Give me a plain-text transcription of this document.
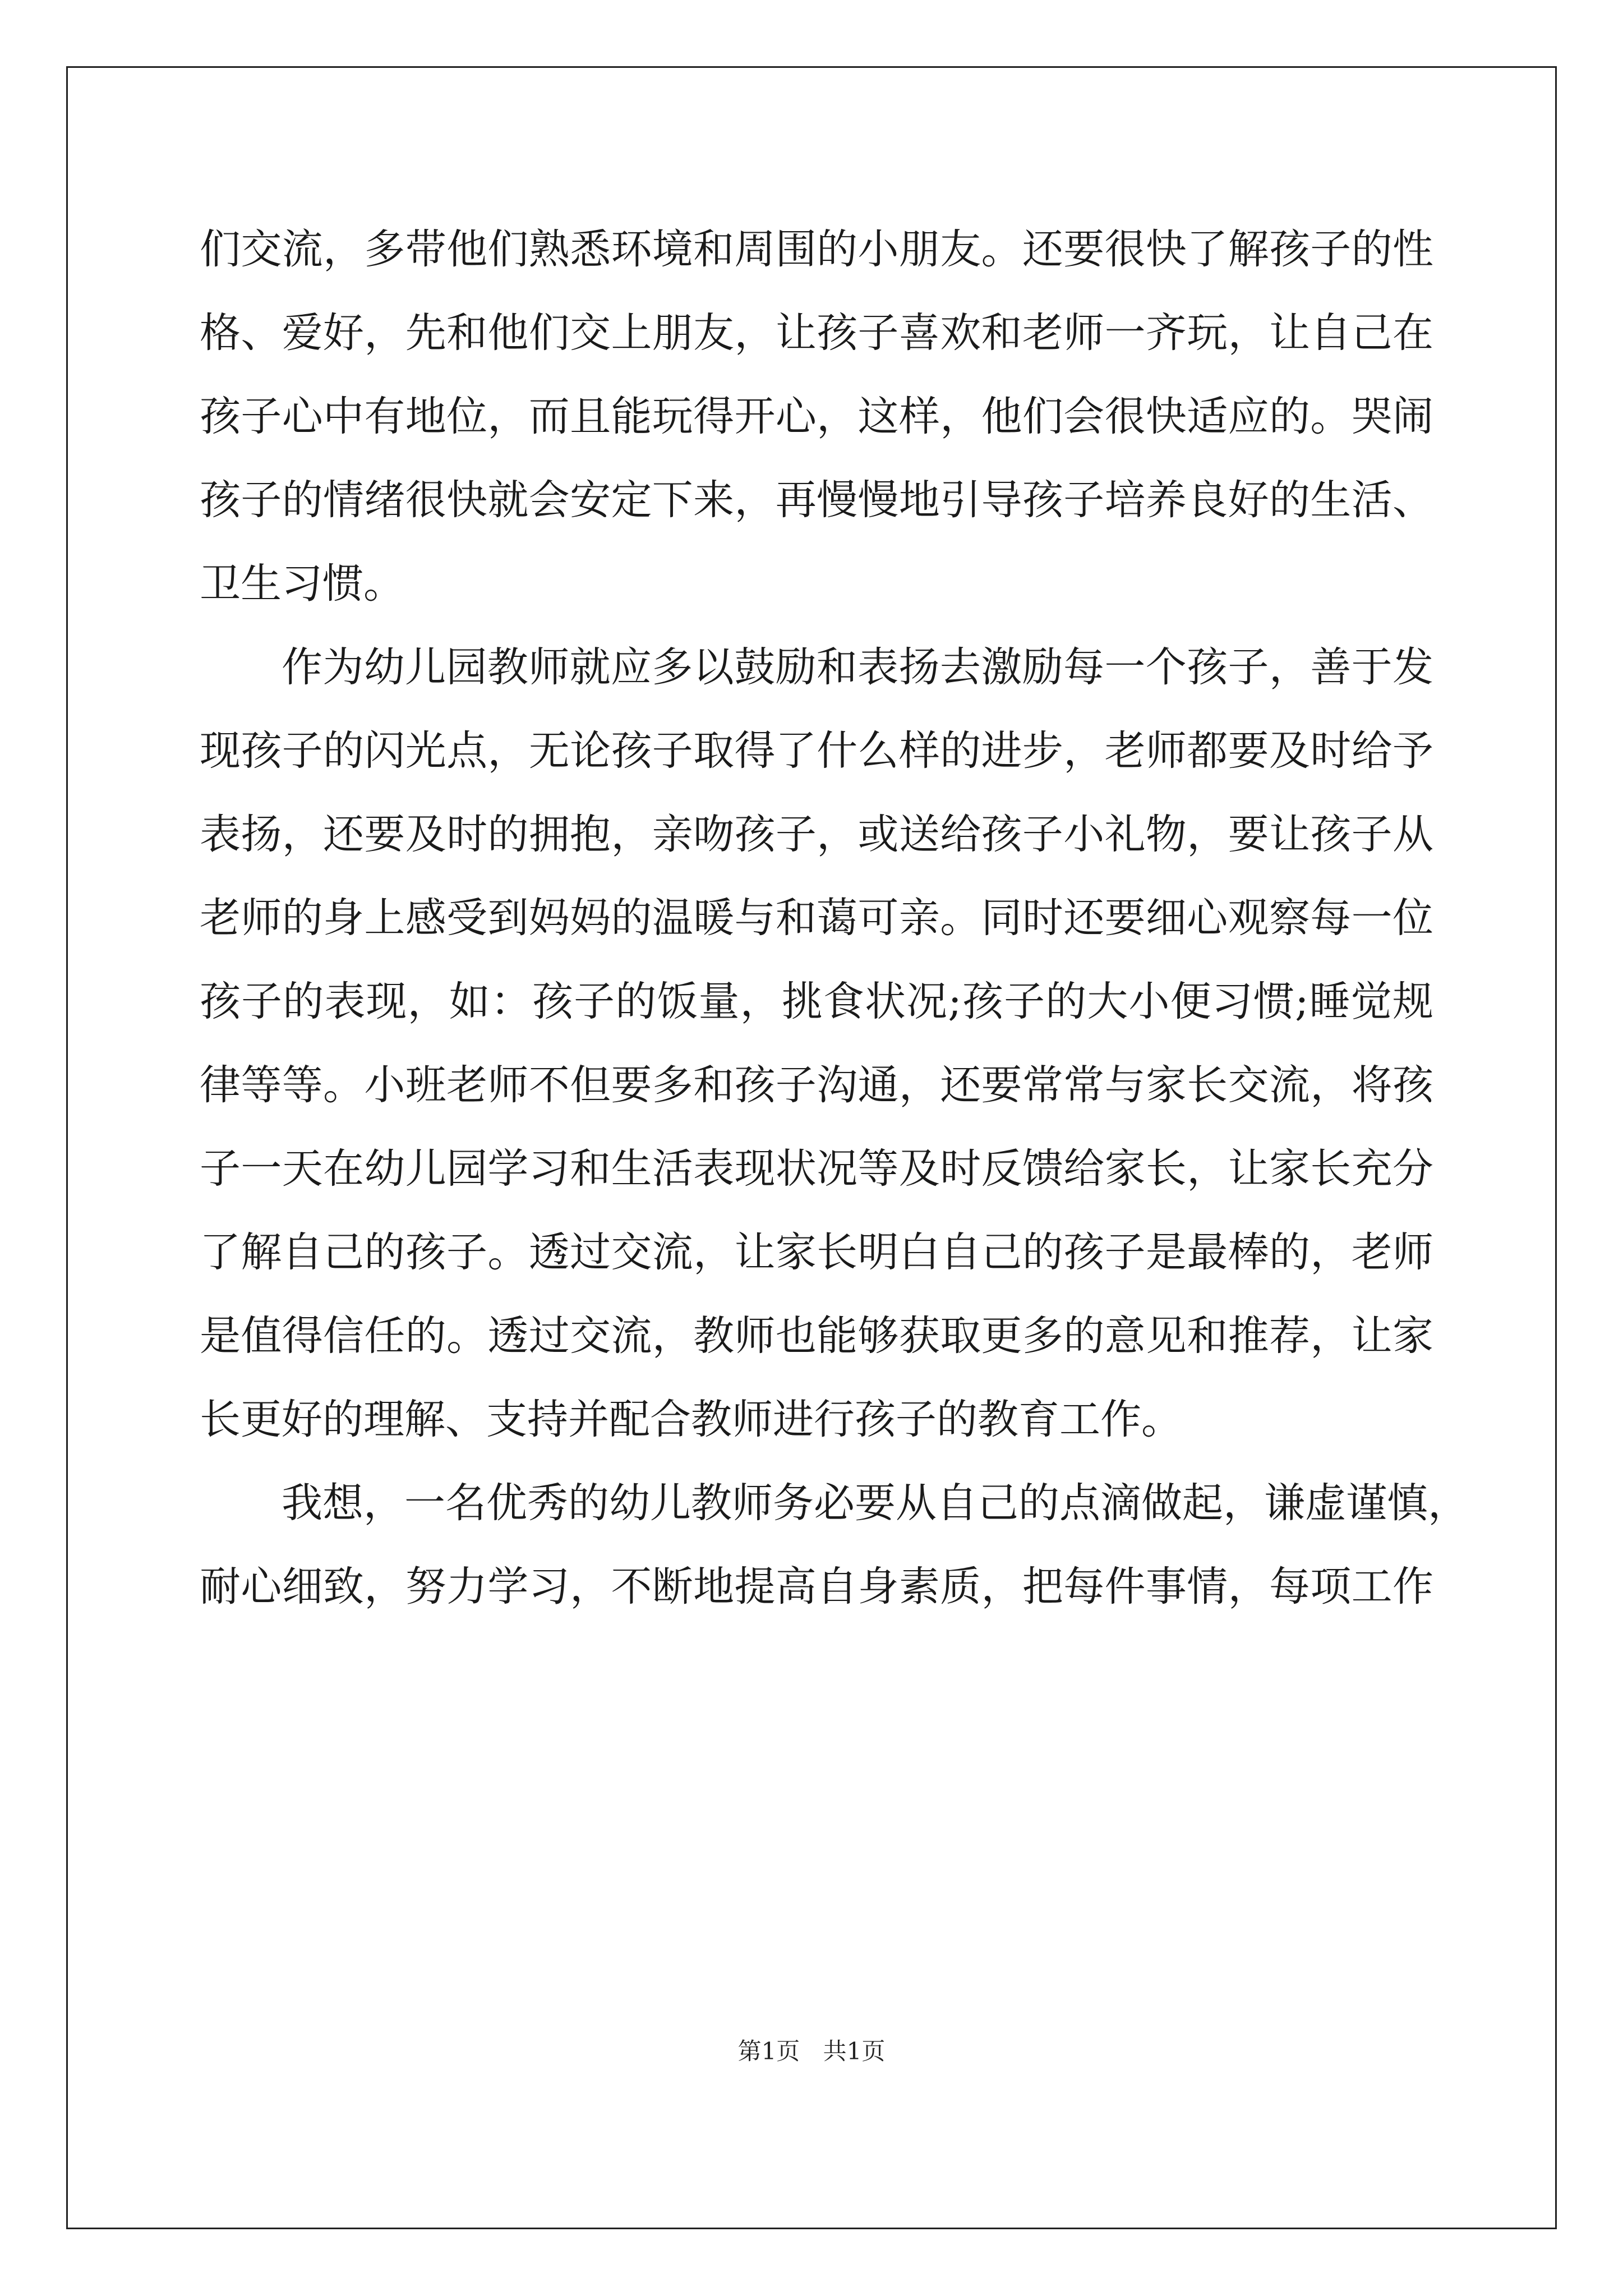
们交流，多带他们熟悉环境和周围的小朋友。还要很快了解孩子的性
格、爱好，先和他们交上朋友，让孩子喜欢和老师一齐玩，让自己在
孩子心中有地位，而且能玩得开心，这样，他们会很快适应的。哭闹
孩子的情绪很快就会安定下来，再慢慢地引导孩子培养良好的生活、
卫生习惯。
作为幼儿园教师就应多以鼓励和表扬去激励每一个孩子，善于发
现孩子的闪光点，无论孩子取得了什么样的进步，老师都要及时给予
表扬，还要及时的拥抱，亲吻孩子，或送给孩子小礼物，要让孩子从
老师的身上感受到妈妈的温暖与和蔼可亲。同时还要细心观察每一位
孩子的表现，如：孩子的饭量，挑食状况;孩子的大小便习惯;睡觉规
律等等。小班老师不但要多和孩子沟通，还要常常与家长交流，将孩
子一天在幼儿园学习和生活表现状况等及时反馈给家长，让家长充分
了解自己的孩子。透过交流，让家长明白自己的孩子是最棒的，老师
是值得信任的。透过交流，教师也能够获取更多的意见和推荐，让家
长更好的理解、支持并配合教师进行孩子的教育工作。
我想，一名优秀的幼儿教师务必要从自己的点滴做起，谦虚谨慎，
耐心细致，努力学习，不断地提高自身素质，把每件事情，每项工作
第1页 共1页
